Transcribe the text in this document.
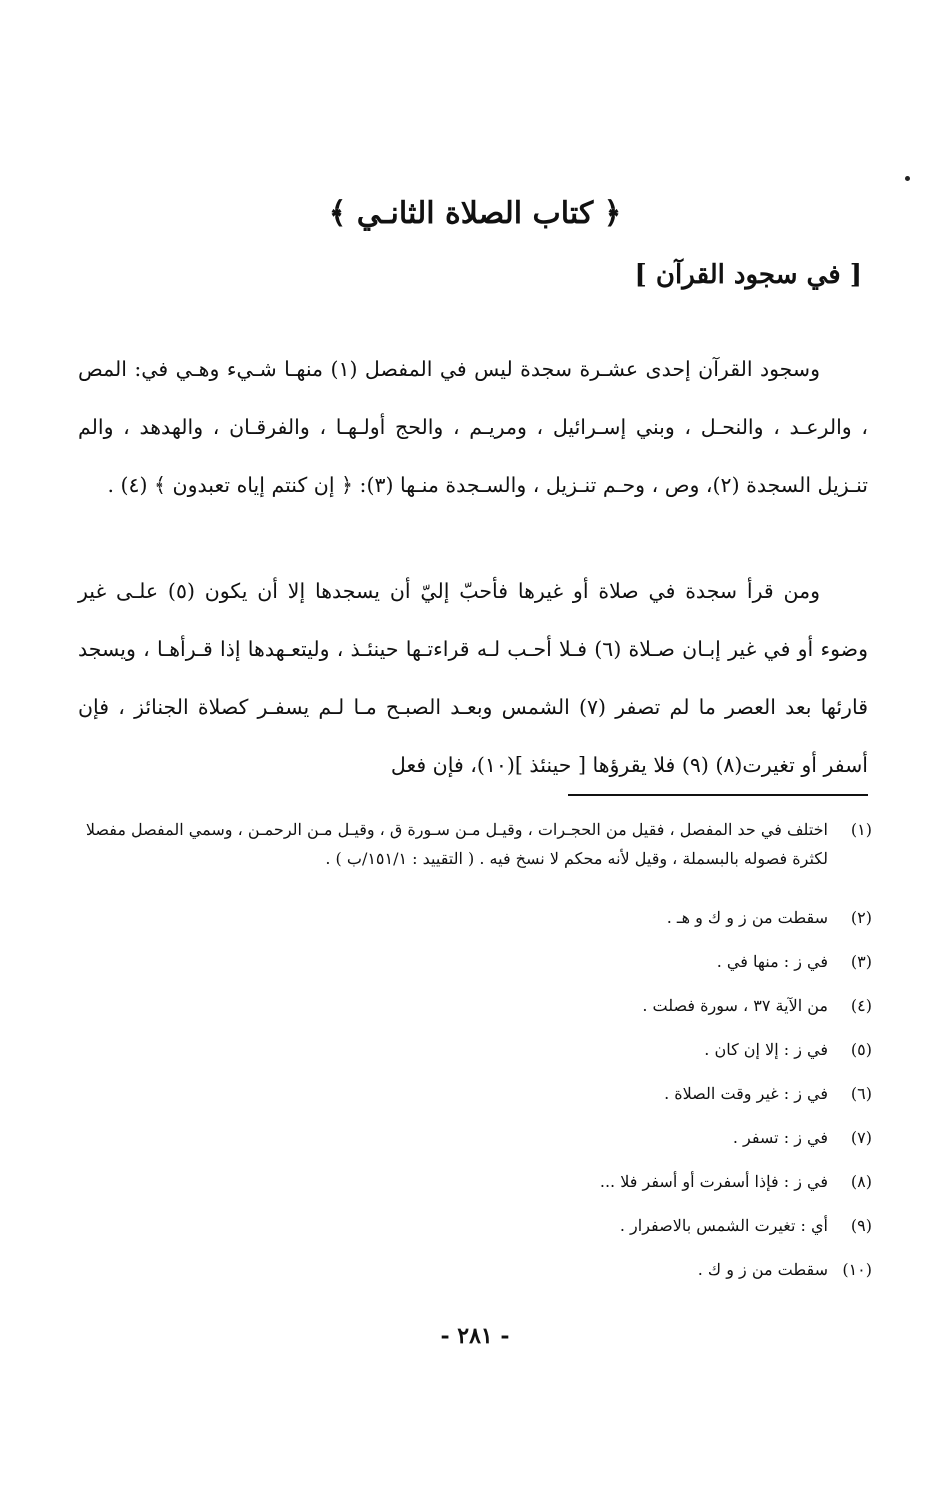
﴿ كتاب الصلاة الثانـي ﴾
[ في سجود القرآن ]

وسجود القرآن إحدى عشـرة سجدة ليس في المفصل (١) منهـا شـيء وهـي في: المص ، والرعـد ، والنحـل ، وبني إسـرائيل ، ومريـم ، والحج أولـهـا ، والفرقـان ، والهدهد ، والم تنـزيل السجدة (٢)، وص ، وحـم تنـزيل ، والسـجدة منـها (٣): ﴿ إن كنتم إياه تعبدون ﴾ (٤) .

ومن قرأ سجدة في صلاة أو غيرها فأحبّ إليّ أن يسجدها إلا أن يكون (٥) علـى غير وضوء أو في غير إبـان صـلاة (٦) فـلا أحـب لـه قراءتـها حينئـذ ، وليتعـهدها إذا قـرأهـا ، ويسجد قارئها بعد العصر ما لم تصفر (٧) الشمس وبعـد الصبـح مـا لـم يسفـر كصلاة الجنائز ، فإن أسفر أو تغيرت(٨) (٩) فلا يقرؤها [ حينئذ ](١٠)، فإن فعل

(١)
اختلف في حد المفصل ، فقيل من الحجـرات ، وقيـل مـن سـورة ق ، وقيـل مـن الرحمـن ، وسمي المفصل مفصلا لكثرة فصوله بالبسملة ، وقيل لأنه محكم لا نسخ فيه . ( التقييد : ١٥١/١/ب ) .
(٢)
سقطت من ز و ك و هـ .
(٣)
في ز : منها في .
(٤)
من الآية ٣٧ ، سورة فصلت .
(٥)
في ز : إلا إن كان .
(٦)
في ز : غير وقت الصلاة .
(٧)
في ز : تسفر .
(٨)
في ز : فإذا أسفرت أو أسفر فلا ...
(٩)
أي : تغيرت الشمس بالاصفرار .
(١٠)
سقطت من ز و ك .
- ٢٨١ -
